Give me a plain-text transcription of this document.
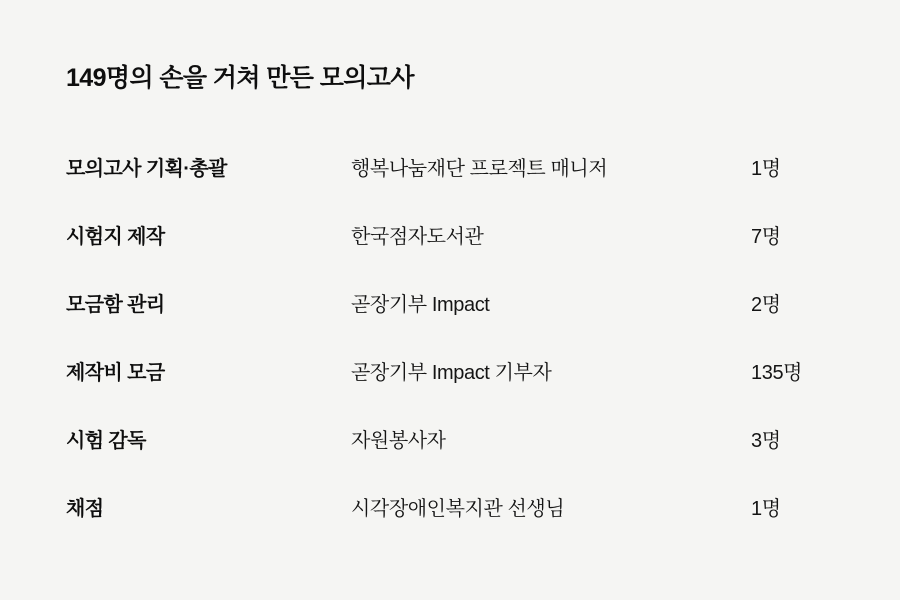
149명의 손을 거쳐 만든 모의고사
모의고사 기획·총괄	행복나눔재단 프로젝트 매니저	1명
시험지 제작	한국점자도서관	7명
모금함 관리	곧장기부 Impact	2명
제작비 모금	곧장기부 Impact 기부자	135명
시험 감독	자원봉사자	3명
채점	시각장애인복지관 선생님	1명
